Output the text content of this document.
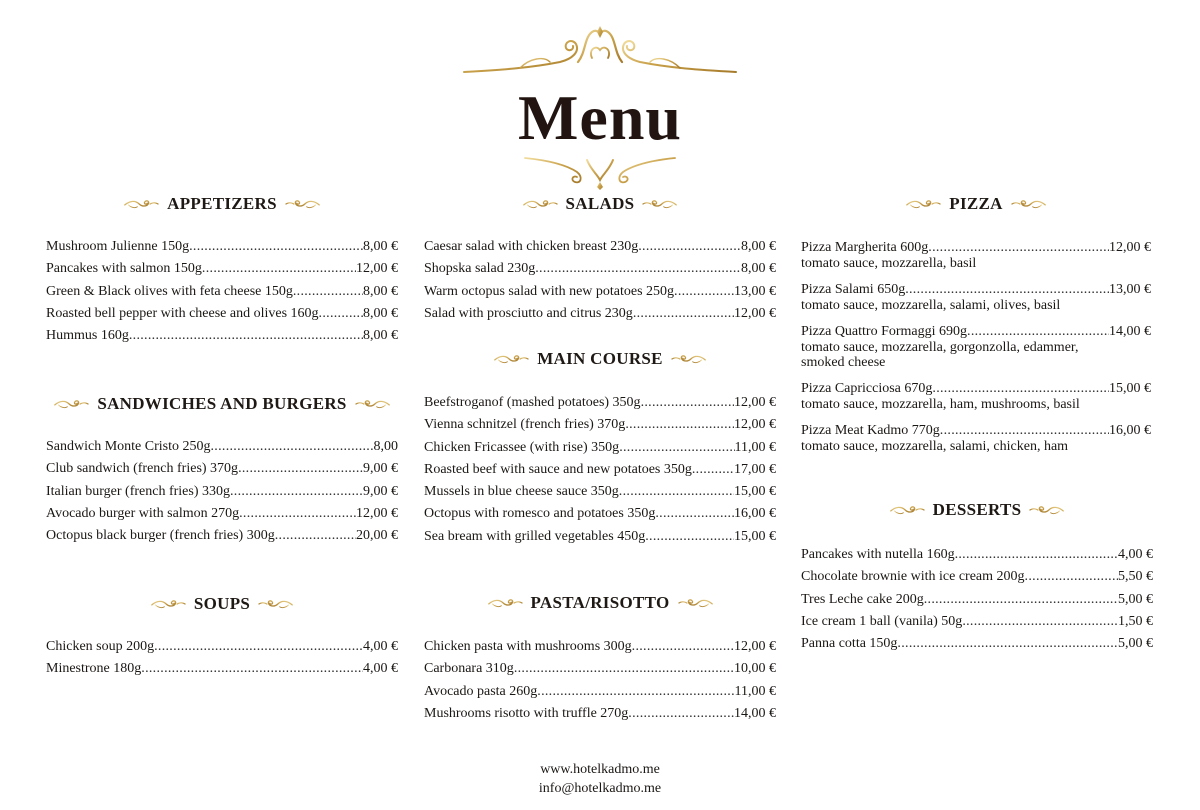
Menu
APPETIZERS
Mushroom Julienne 150g .....	8,00 €
Pancakes with salmon 150g .....	12,00 €
Green & Black olives with feta cheese 150g .....	8,00 €
Roasted bell pepper with cheese and olives 160g .....	8,00 €
Hummus 160g .....	8,00 €
SANDWICHES AND BURGERS
Sandwich Monte Cristo 250g .....	8,00
Club sandwich (french fries) 370g .....	9,00 €
Italian burger (french fries) 330g .....	9,00 €
Avocado burger with salmon 270g .....	12,00 €
Octopus black burger (french fries) 300g .....	20,00 €
SOUPS
Chicken soup 200g .....	4,00 €
Minestrone 180g .....	4,00 €
SALADS
Caesar salad with chicken breast 230g .....	8,00 €
Shopska salad 230g .....	8,00 €
Warm octopus salad with new potatoes 250g .....	13,00 €
Salad with prosciutto and citrus 230g .....	12,00 €
MAIN COURSE
Beefstroganof (mashed potatoes) 350g .....	12,00 €
Vienna schnitzel (french fries) 370g .....	12,00 €
Chicken Fricassee (with rise) 350g .....	11,00 €
Roasted beef with sauce and new potatoes 350g .....	17,00 €
Mussels in blue cheese sauce 350g .....	15,00 €
Octopus with romesco and potatoes 350g .....	16,00 €
Sea bream with grilled vegetables 450g .....	15,00 €
PASTA/RISOTTO
Chicken pasta with mushrooms 300g .....	12,00 €
Carbonara 310g .....	10,00 €
Avocado pasta 260g .....	11,00 €
Mushrooms risotto with truffle 270g .....	14,00 €
PIZZA
Pizza Margherita 600g .....	12,00 €
tomato sauce, mozzarella, basil
Pizza Salami 650g .....	13,00 €
tomato sauce, mozzarella, salami, olives, basil
Pizza Quattro Formaggi 690g .....	14,00 €
tomato sauce, mozzarella, gorgonzolla, edammer, smoked cheese
Pizza Capricciosa 670g .....	15,00 €
tomato sauce, mozzarella, ham, mushrooms, basil
Pizza Meat Kadmo 770g .....	16,00 €
tomato sauce, mozzarella, salami, chicken, ham
DESSERTS
Pancakes with nutella 160g .....	4,00 €
Chocolate brownie with ice cream 200g .....	5,50 €
Tres Leche cake 200g .....	5,00 €
Ice cream 1 ball (vanila) 50g .....	1,50 €
Panna cotta 150g .....	5,00 €
www.hotelkadmo.me
info@hotelkadmo.me
